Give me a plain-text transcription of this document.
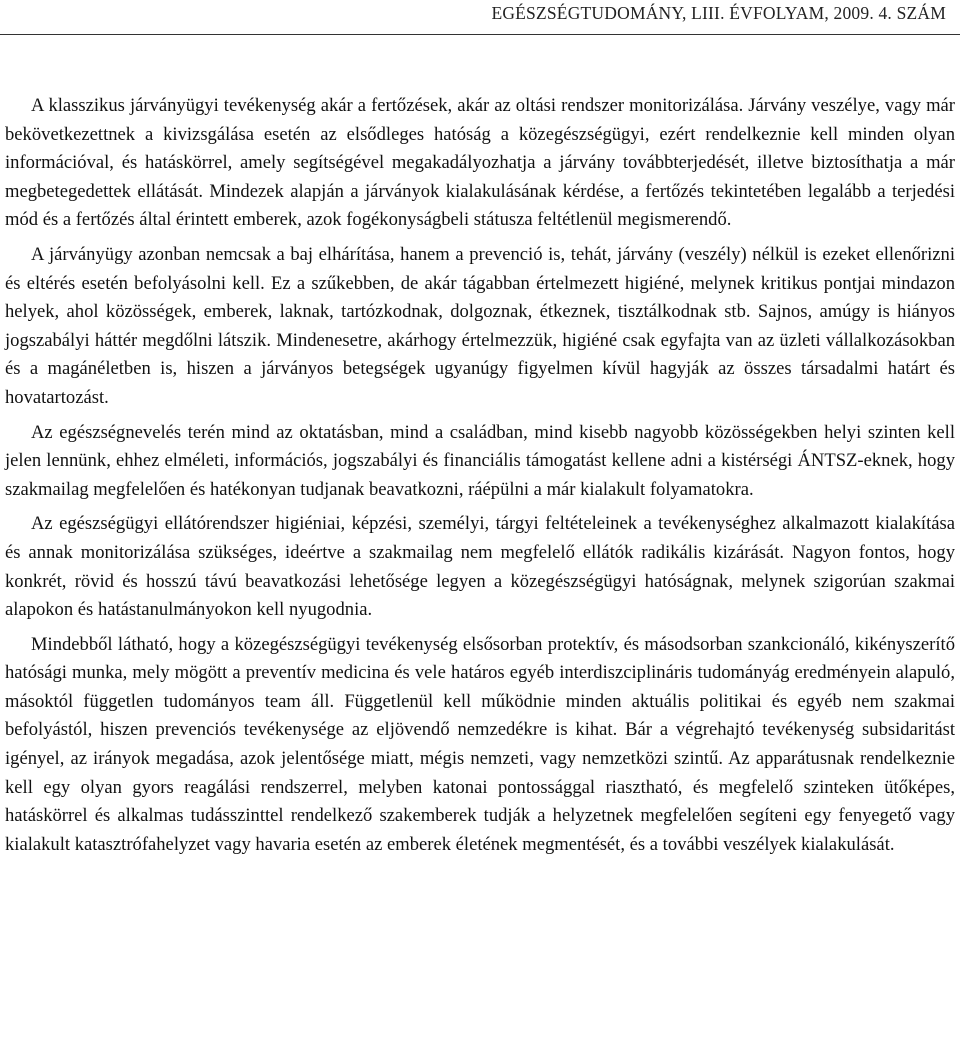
EGÉSZSÉGTUDOMÁNY, LIII. ÉVFOLYAM, 2009. 4. SZÁM

A klasszikus járványügyi tevékenység akár a fertőzések, akár az oltási rendszer monitorizálása. Járvány veszélye, vagy már bekövetkezettnek a kivizsgálása esetén az elsődleges hatóság a közegészségügyi, ezért rendelkeznie kell minden olyan információval, és hatáskörrel, amely segítségével megakadályozhatja a járvány továbbterjedését, illetve biztosíthatja a már megbetegedettek ellátását. Mindezek alapján a járványok kialakulásának kérdése, a fertőzés tekintetében legalább a terjedési mód és a fertőzés által érintett emberek, azok fogékonyságbeli státusza feltétlenül megismerendő.

A járványügy azonban nemcsak a baj elhárítása, hanem a prevenció is, tehát, járvány (veszély) nélkül is ezeket ellenőrizni és eltérés esetén befolyásolni kell. Ez a szűkebben, de akár tágabban értelmezett higiéné, melynek kritikus pontjai mindazon helyek, ahol közösségek, emberek, laknak, tartózkodnak, dolgoznak, étkeznek, tisztálkodnak stb. Sajnos, amúgy is hiányos jogszabályi háttér megdőlni látszik. Mindenesetre, akárhogy értelmezzük, higiéné csak egyfajta van az üzleti vállalkozásokban és a magánéletben is, hiszen a járványos betegségek ugyanúgy figyelmen kívül hagyják az összes társadalmi határt és hovatartozást.

Az egészségnevelés terén mind az oktatásban, mind a családban, mind kisebb nagyobb közösségekben helyi szinten kell jelen lennünk, ehhez elméleti, információs, jogszabályi és financiális támogatást kellene adni a kistérségi ÁNTSZ-eknek, hogy szakmailag megfelelően és hatékonyan tudjanak beavatkozni, ráépülni a már kialakult folyamatokra.

Az egészségügyi ellátórendszer higiéniai, képzési, személyi, tárgyi feltételeinek a tevékenységhez alkalmazott kialakítása és annak monitorizálása szükséges, ideértve a szakmailag nem megfelelő ellátók radikális kizárását. Nagyon fontos, hogy konkrét, rövid és hosszú távú beavatkozási lehetősége legyen a közegészségügyi hatóságnak, melynek szigorúan szakmai alapokon és hatástanulmányokon kell nyugodnia.

Mindebből látható, hogy a közegészségügyi tevékenység elsősorban protektív, és másodsorban szankcionáló, kikényszerítő hatósági munka, mely mögött a preventív medicina és vele határos egyéb interdiszciplináris tudományág eredményein alapuló, másoktól független tudományos team áll. Függetlenül kell működnie minden aktuális politikai és egyéb nem szakmai befolyástól, hiszen prevenciós tevékenysége az eljövendő nemzedékre is kihat. Bár a végrehajtó tevékenység subsidaritást igényel, az irányok megadása, azok jelentősége miatt, mégis nemzeti, vagy nemzetközi szintű. Az apparátusnak rendelkeznie kell egy olyan gyors reagálási rendszerrel, melyben katonai pontossággal riasztható, és megfelelő szinteken ütőképes, hatáskörrel és alkalmas tudásszinttel rendelkező szakemberek tudják a helyzetnek megfelelően segíteni egy fenyegető vagy kialakult katasztrófahelyzet vagy havaria esetén az emberek életének megmentését, és a további veszélyek kialakulását.
